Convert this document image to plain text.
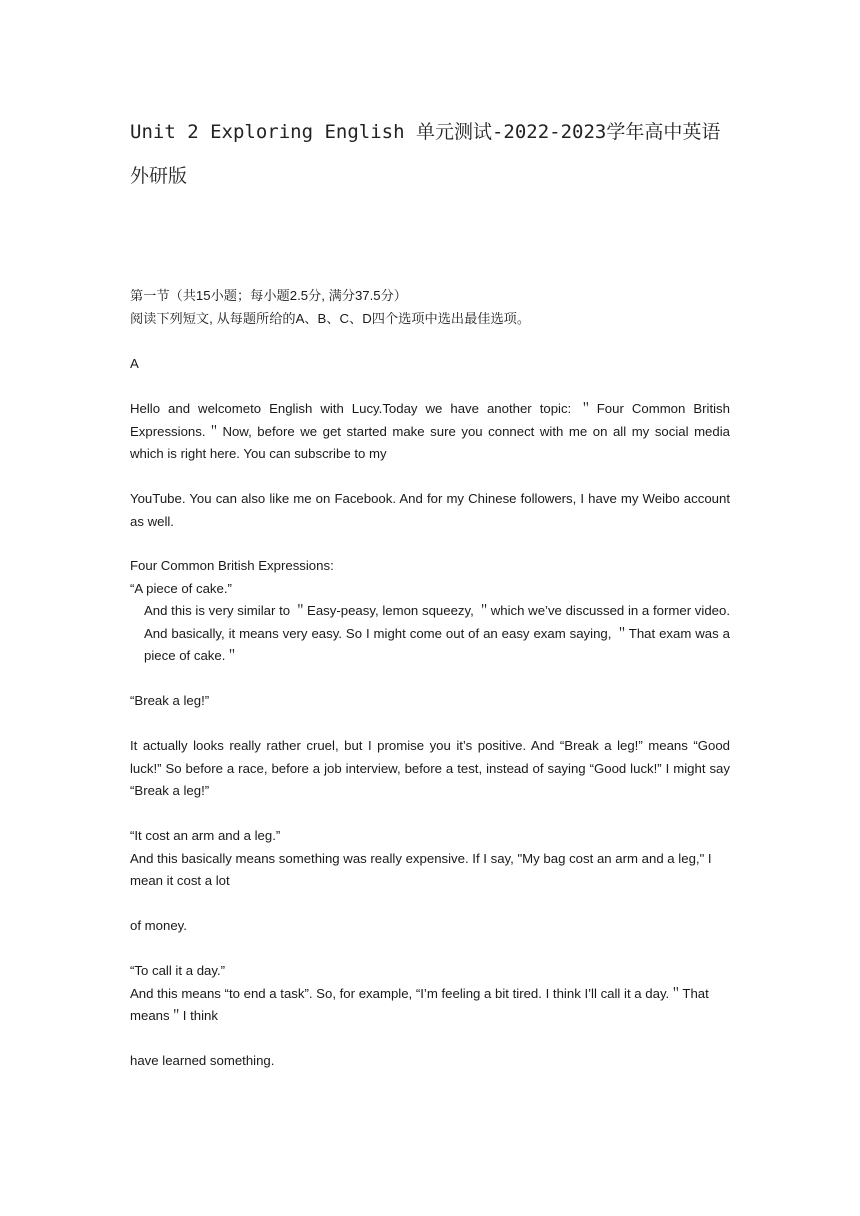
Unit 2 Exploring English 单元测试-2022-2023学年高中英语外研版
第一节（共15小题；每小题2.5分, 满分37.5分）
阅读下列短文, 从每题所给的A、B、C、D四个选项中选出最佳选项。

A

Hello and welcometo English with Lucy.Today we have another topic: ＂Four Common British Expressions.＂Now, before we get started make sure you connect with me on all my social media which is right here. You can subscribe to my

YouTube. You can also like me on Facebook. And for my Chinese followers, I have my Weibo account as well.

Four Common British Expressions:
“A piece of cake.”
And this is very similar to ＂Easy-peasy, lemon squeezy, ＂which we’ve discussed in a former video. And basically, it means very easy. So I might come out of an easy exam saying, ＂That exam was a piece of cake.＂

“Break a leg!”

It actually looks really rather cruel, but I promise you it’s positive. And “Break a leg!” means “Good luck!” So before a race, before a job interview, before a test, instead of saying “Good luck!” I might say “Break a leg!”

“It cost an arm and a leg.”
And this basically means something was really expensive. If I say, "My bag cost an arm and a leg," I mean it cost a lot

of money.

“To call it a day.”
And this means “to end a task”. So, for example, “I’m feeling a bit tired. I think I’ll call it a day.＂That means＂I think

have learned something.
